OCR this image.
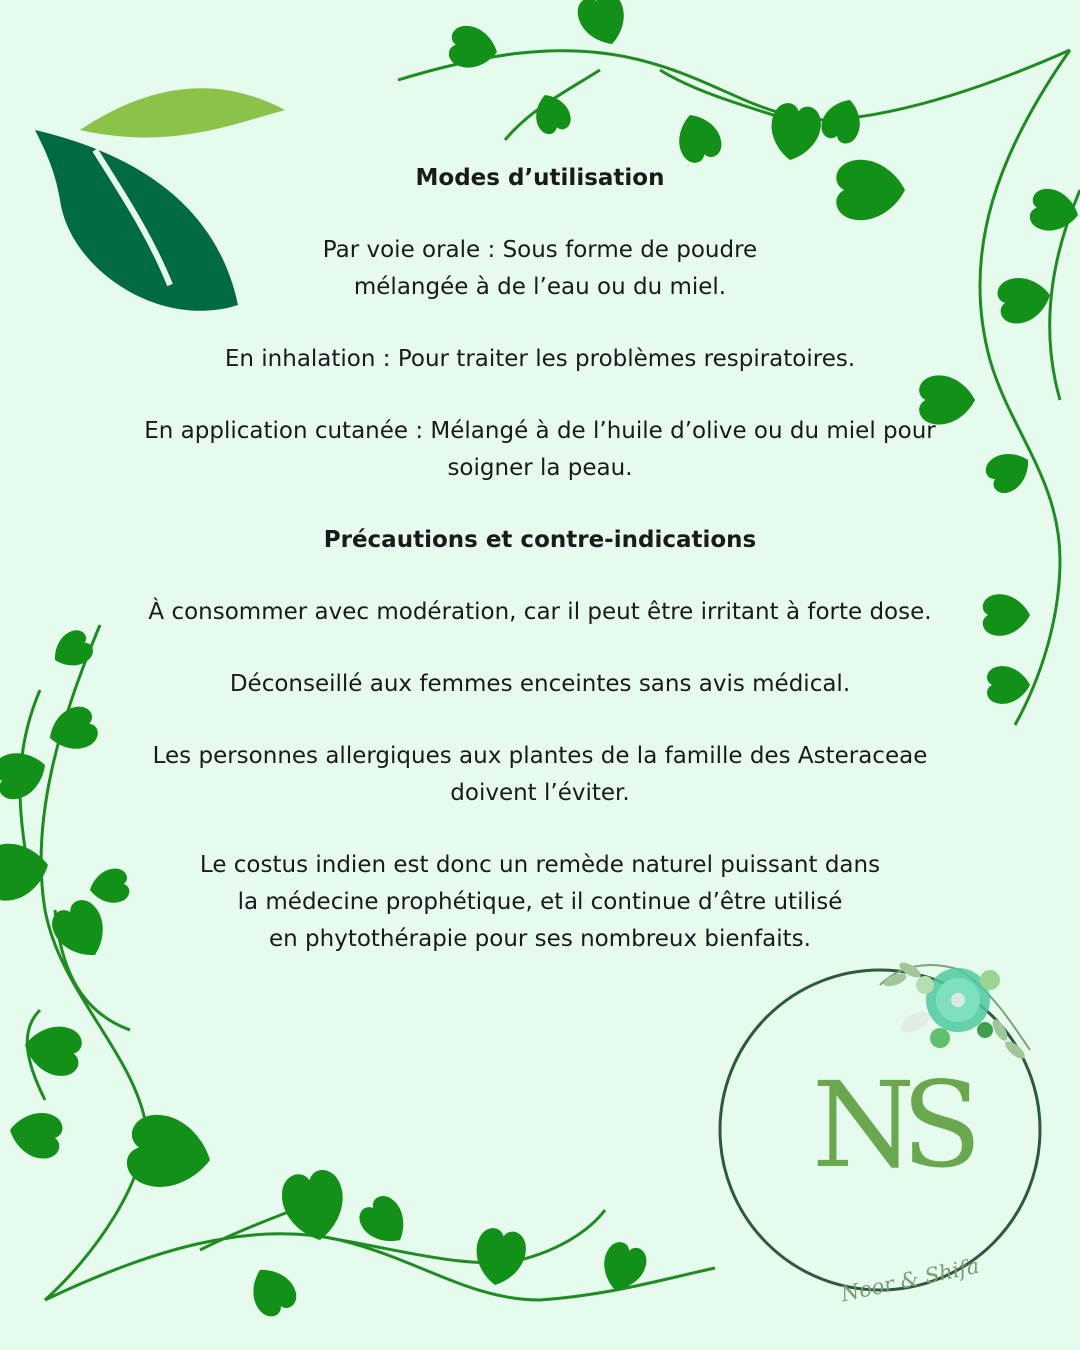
Modes d’utilisation

Par voie orale : Sous forme de poudre
mélangée à de l’eau ou du miel.

En inhalation : Pour traiter les problèmes respiratoires.

En application cutanée : Mélangé à de l’huile d’olive ou du miel pour
soigner la peau.

Précautions et contre-indications

À consommer avec modération, car il peut être irritant à forte dose.

Déconseillé aux femmes enceintes sans avis médical.

Les personnes allergiques aux plantes de la famille des Asteraceae
doivent l’éviter.

Le costus indien est donc un remède naturel puissant dans
la médecine prophétique, et il continue d’être utilisé
en phytothérapie pour ses nombreux bienfaits.

NS
Noor & Shifa
